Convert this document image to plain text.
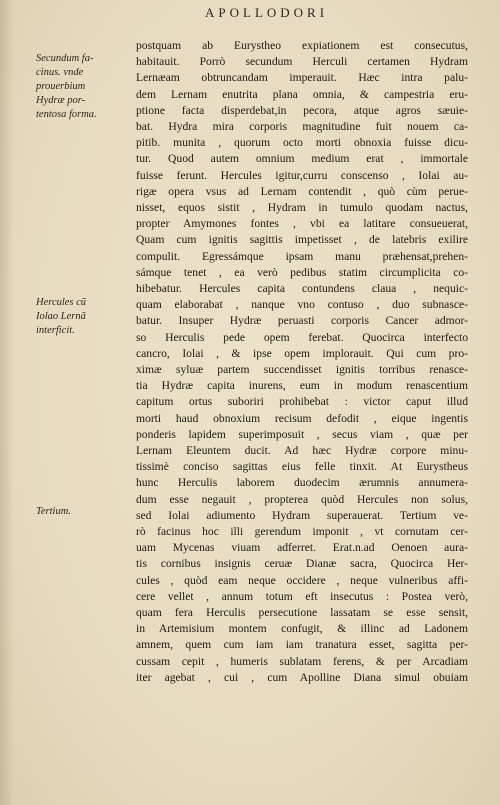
APOLLODORI
Secundum fa-
cinus. vnde
prouerbium
Hydræ por-
tentosa forma.
Hercules cũ
Iolao Lernã
interficit.
Tertium.
postquam ab Eurystheo expiationem est consecutus,
habitauit. Porrò secundum Herculi certamen Hydram
Lernæam obtruncandam imperauit. Hæc intra palu-
dem Lernam enutrita plana omnia, & campestria eru-
ptione facta disperdebat,in pecora, atque agros sæuie-
bat. Hydra mira corporis magnitudine fuit nouem ca-
pitib. munita , quorum octo morti obnoxia fuisse dicu-
tur. Quod autem omnium medium erat , immortale
fuisse ferunt. Hercules igitur,curru conscenso , Iolai au-
rigæ opera vsus ad Lernam contendit , quò cùm perue-
nisset, equos sistit , Hydram in tumulo quodam nactus,
propter Amymones fontes , vbi ea latitare consueuerat,
Quam cum ignitis sagittis impetisset , de latebris exilire
compulit. Egressámque ipsam manu præhensat,prehen-
sámque tenet , ea verò pedibus statim circumplicita co-
hibebatur. Hercules capita contundens claua , nequic-
quam elaborabat , nanque vno contuso , duo subnasce-
batur. Insuper Hydræ peruasti corporis Cancer admor-
so Herculis pede opem ferebat. Quocirca interfecto
cancro, Iolai , & ipse opem implorauit. Qui cum pro-
ximæ syluæ partem succendisset ignitis torribus renasce-
tia Hydræ capita inurens, eum in modum renascentium
capitum ortus suboriri prohibebat : victor caput illud
morti haud obnoxium recisum defodit , eique ingentis
ponderis lapidem superimposuit , secus viam , quæ per
Lernam Eleuntem ducit. Ad hæc Hydræ corpore minu-
tissimè conciso sagittas eius felle tinxit. At Eurystheus
hunc Herculis laborem duodecim ærumnis annumera-
dum esse negauit , propterea quòd Hercules non solus,
sed Iolai adiumento Hydram superauerat. Tertium ve-
rò facinus hoc illi gerendum imponit , vt cornutam cer-
uam Mycenas viuam adferret. Erat.n.ad Oenoen aura-
tis cornibus insignis ceruæ Dianæ sacra, Quocirca Her-
cules , quòd eam neque occidere , neque vulneribus affi-
cere vellet , annum totum eft insecutus : Postea verò,
quam fera Herculis persecutione lassatam se esse sensit,
in Artemisium montem confugit, & illinc ad Ladonem
amnem, quem cum iam iam tranatura esset, sagitta per-
cussam cepit , humeris sublatam ferens, & per Arcadiam
iter agebat , cui , cum Apolline Diana simul obuiam
